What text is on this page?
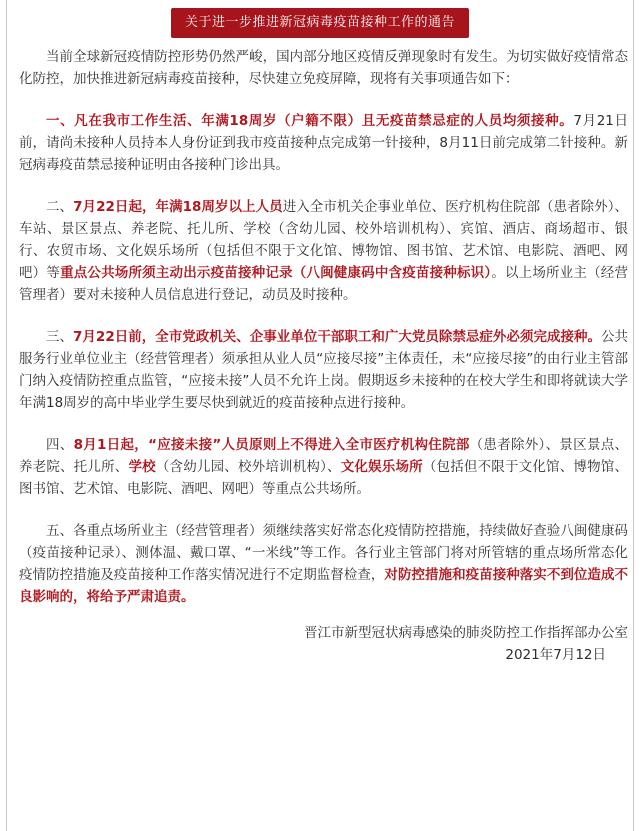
关于进一步推进新冠病毒疫苗接种工作的通告

当前全球新冠疫情防控形势仍然严峻，国内部分地区疫情反弹现象时有发生。为切实做好疫情常态化防控，加快推进新冠病毒疫苗接种，尽快建立免疫屏障，现将有关事项通告如下：

一、凡在我市工作生活、年满18周岁（户籍不限）且无疫苗禁忌症的人员均须接种。7月21日前，请尚未接种人员持本人身份证到我市疫苗接种点完成第一针接种，8月11日前完成第二针接种。新冠病毒疫苗禁忌接种证明由各接种门诊出具。

二、7月22日起，年满18周岁以上人员进入全市机关企事业单位、医疗机构住院部（患者除外）、车站、景区景点、养老院、托儿所、学校（含幼儿园、校外培训机构）、宾馆、酒店、商场超市、银行、农贸市场、文化娱乐场所（包括但不限于文化馆、博物馆、图书馆、艺术馆、电影院、酒吧、网吧）等重点公共场所须主动出示疫苗接种记录（八闽健康码中含疫苗接种标识）。以上场所业主（经营管理者）要对未接种人员信息进行登记，动员及时接种。

三、7月22日前，全市党政机关、企事业单位干部职工和广大党员除禁忌症外必须完成接种。公共服务行业单位业主（经营管理者）须承担从业人员“应接尽接”主体责任，未“应接尽接”的由行业主管部门纳入疫情防控重点监管，“应接未接”人员不允许上岗。假期返乡未接种的在校大学生和即将就读大学年满18周岁的高中毕业学生要尽快到就近的疫苗接种点进行接种。

四、8月1日起，“应接未接”人员原则上不得进入全市医疗机构住院部（患者除外）、景区景点、养老院、托儿所、学校（含幼儿园、校外培训机构）、文化娱乐场所（包括但不限于文化馆、博物馆、图书馆、艺术馆、电影院、酒吧、网吧）等重点公共场所。

五、各重点场所业主（经营管理者）须继续落实好常态化疫情防控措施，持续做好查验八闽健康码（疫苗接种记录）、测体温、戴口罩、“一米线”等工作。各行业主管部门将对所管辖的重点场所常态化疫情防控措施及疫苗接种工作落实情况进行不定期监督检查，对防控措施和疫苗接种落实不到位造成不良影响的，将给予严肃追责。

晋江市新型冠状病毒感染的肺炎防控工作指挥部办公室
2021年7月12日
